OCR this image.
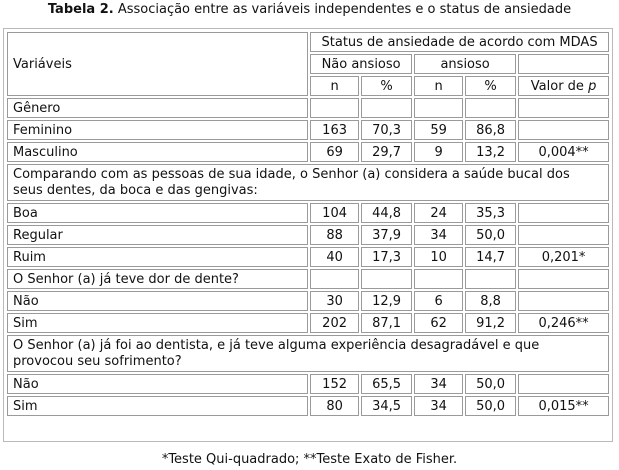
Tabela 2. Associação entre as variáveis independentes e o status de ansiedade
Variáveis	Status de ansiedade de acordo com MDAS				
	Não ansioso		ansioso		
	n	%	n	%	Valor de p
Gênero					
Feminino	163	70,3	59	86,8	
Masculino	69	29,7	9	13,2	0,004**
Comparando com as pessoas de sua idade, o Senhor (a) considera a saúde bucal dos seus dentes, da boca e das gengivas:					
Boa	104	44,8	24	35,3	
Regular	88	37,9	34	50,0	
Ruim	40	17,3	10	14,7	0,201*
O Senhor (a) já teve dor de dente?					
Não	30	12,9	6	8,8	
Sim	202	87,1	62	91,2	0,246**
O Senhor (a) já foi ao dentista, e já teve alguma experiência desagradável e que provocou seu sofrimento?					
Não	152	65,5	34	50,0	
Sim	80	34,5	34	50,0	0,015**
*Teste Qui-quadrado; **Teste Exato de Fisher.
